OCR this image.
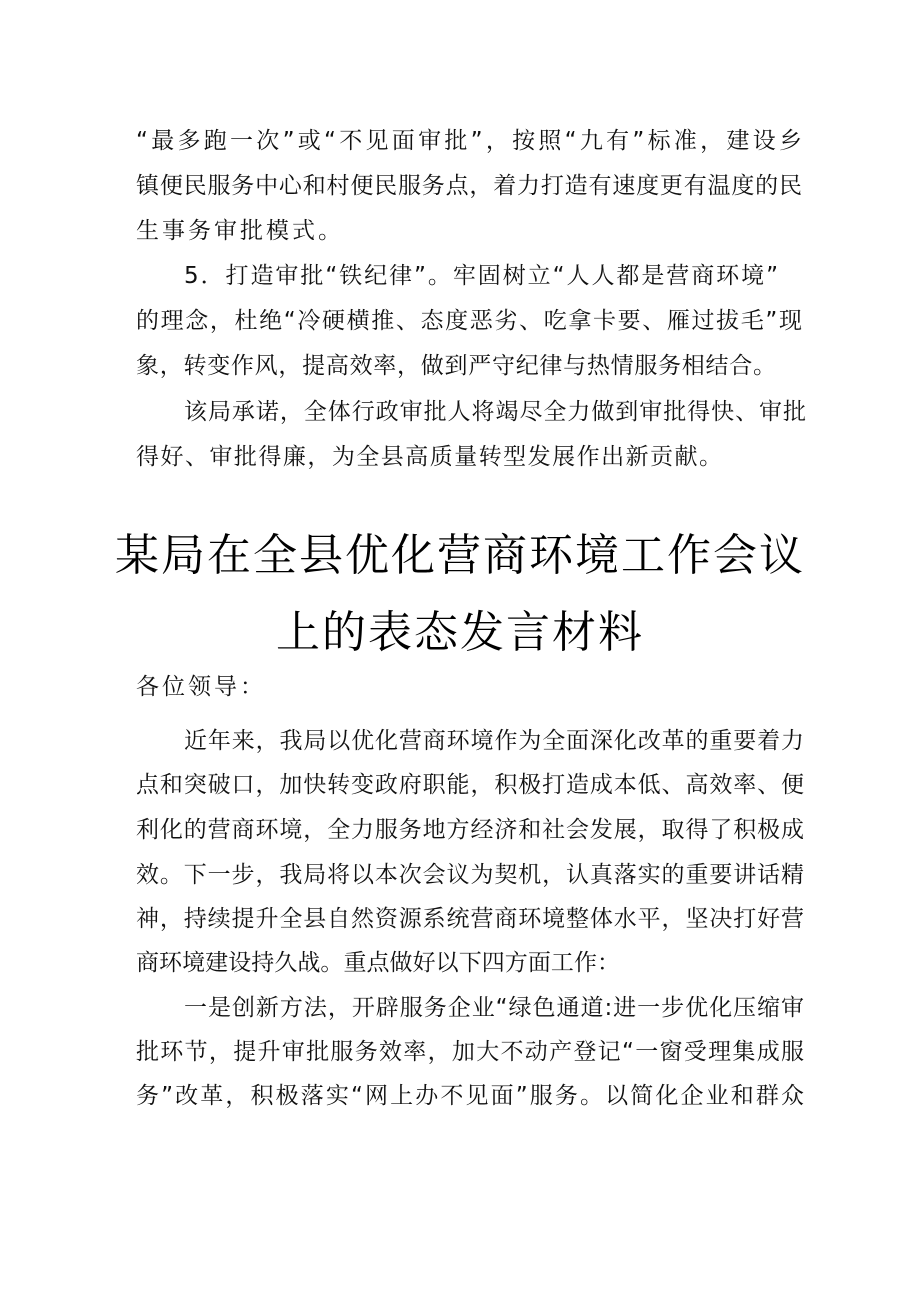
“最多跑一次”或“不见面审批”，按照“九有”标准，建设乡
镇便民服务中心和村便民服务点，着力打造有速度更有温度的民
生事务审批模式。
5．打造审批“铁纪律”。牢固树立“人人都是营商环境”
的理念，杜绝“冷硬横推、态度恶劣、吃拿卡要、雁过拔毛”现
象，转变作风，提高效率，做到严守纪律与热情服务相结合。
该局承诺，全体行政审批人将竭尽全力做到审批得快、审批
得好、审批得廉，为全县高质量转型发展作出新贡献。
某局在全县优化营商环境工作会议
上的表态发言材料
各位领导：
近年来，我局以优化营商环境作为全面深化改革的重要着力
点和突破口，加快转变政府职能，积极打造成本低、高效率、便
利化的营商环境，全力服务地方经济和社会发展，取得了积极成
效。下一步，我局将以本次会议为契机，认真落实的重要讲话精
神，持续提升全县自然资源系统营商环境整体水平，坚决打好营
商环境建设持久战。重点做好以下四方面工作：
一是创新方法，开辟服务企业“绿色通道:进一步优化压缩审
批环节，提升审批服务效率，加大不动产登记“一窗受理集成服
务”改革，积极落实“网上办不见面”服务。以简化企业和群众
